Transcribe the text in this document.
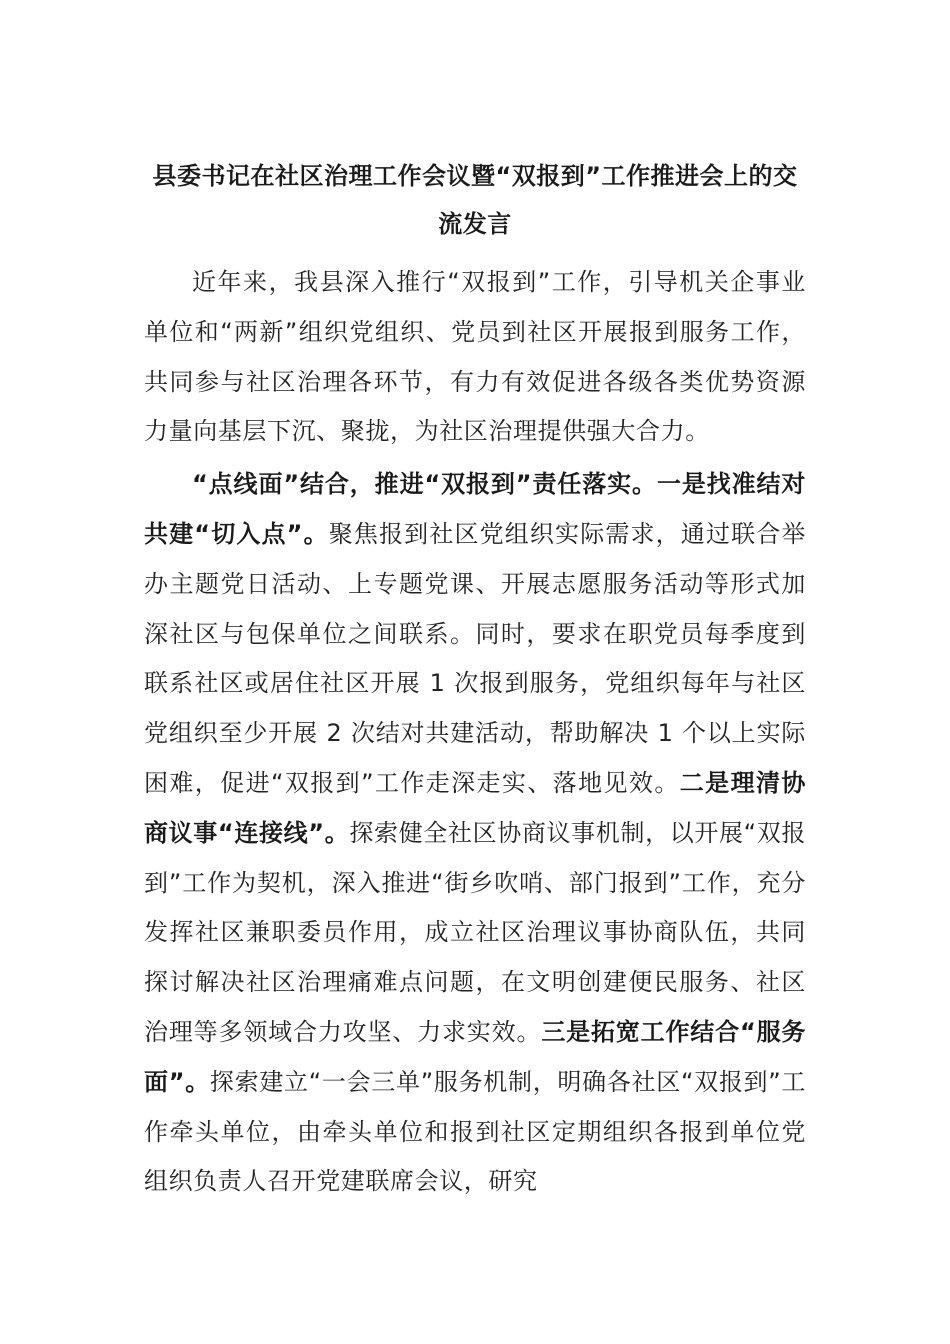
县委书记在社区治理工作会议暨“双报到”工作推进会上的交流发言

近年来，我县深入推行“双报到”工作，引导机关企事业单位和“两新”组织党组织、党员到社区开展报到服务工作，共同参与社区治理各环节，有力有效促进各级各类优势资源力量向基层下沉、聚拢，为社区治理提供强大合力。

“点线面”结合，推进“双报到”责任落实。一是找准结对共建“切入点”。聚焦报到社区党组织实际需求，通过联合举办主题党日活动、上专题党课、开展志愿服务活动等形式加深社区与包保单位之间联系。同时，要求在职党员每季度到联系社区或居住社区开展 1 次报到服务，党组织每年与社区党组织至少开展 2 次结对共建活动，帮助解决 1 个以上实际困难，促进“双报到”工作走深走实、落地见效。二是理清协商议事“连接线”。探索健全社区协商议事机制，以开展“双报到”工作为契机，深入推进“街乡吹哨、部门报到”工作，充分发挥社区兼职委员作用，成立社区治理议事协商队伍，共同探讨解决社区治理痛难点问题，在文明创建便民服务、社区治理等多领域合力攻坚、力求实效。三是拓宽工作结合“服务面”。探索建立“一会三单”服务机制，明确各社区“双报到”工作牵头单位，由牵头单位和报到社区定期组织各报到单位党组织负责人召开党建联席会议，研究
